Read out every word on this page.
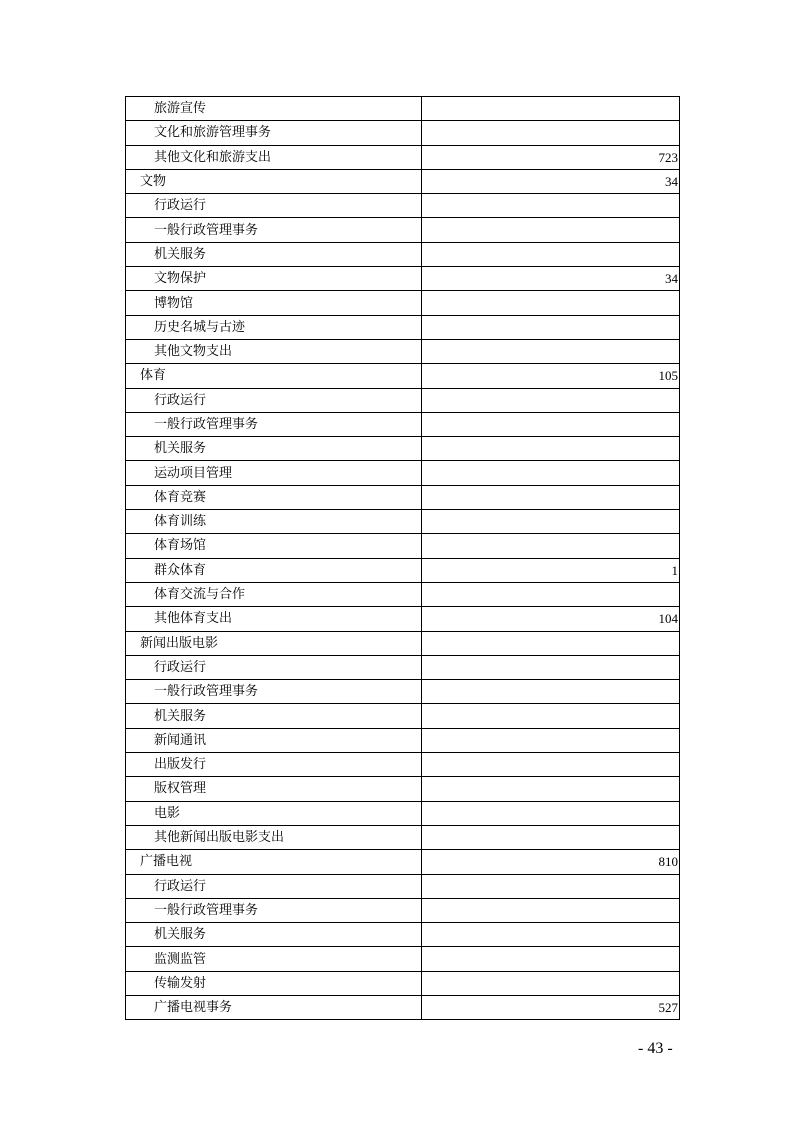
旅游宣传	
文化和旅游管理事务	
其他文化和旅游支出	723
文物	34
行政运行	
一般行政管理事务	
机关服务	
文物保护	34
博物馆	
历史名城与古迹	
其他文物支出	
体育	105
行政运行	
一般行政管理事务	
机关服务	
运动项目管理	
体育竞赛	
体育训练	
体育场馆	
群众体育	1
体育交流与合作	
其他体育支出	104
新闻出版电影	
行政运行	
一般行政管理事务	
机关服务	
新闻通讯	
出版发行	
版权管理	
电影	
其他新闻出版电影支出	
广播电视	810
行政运行	
一般行政管理事务	
机关服务	
监测监管	
传输发射	
广播电视事务	527
- 43 -
